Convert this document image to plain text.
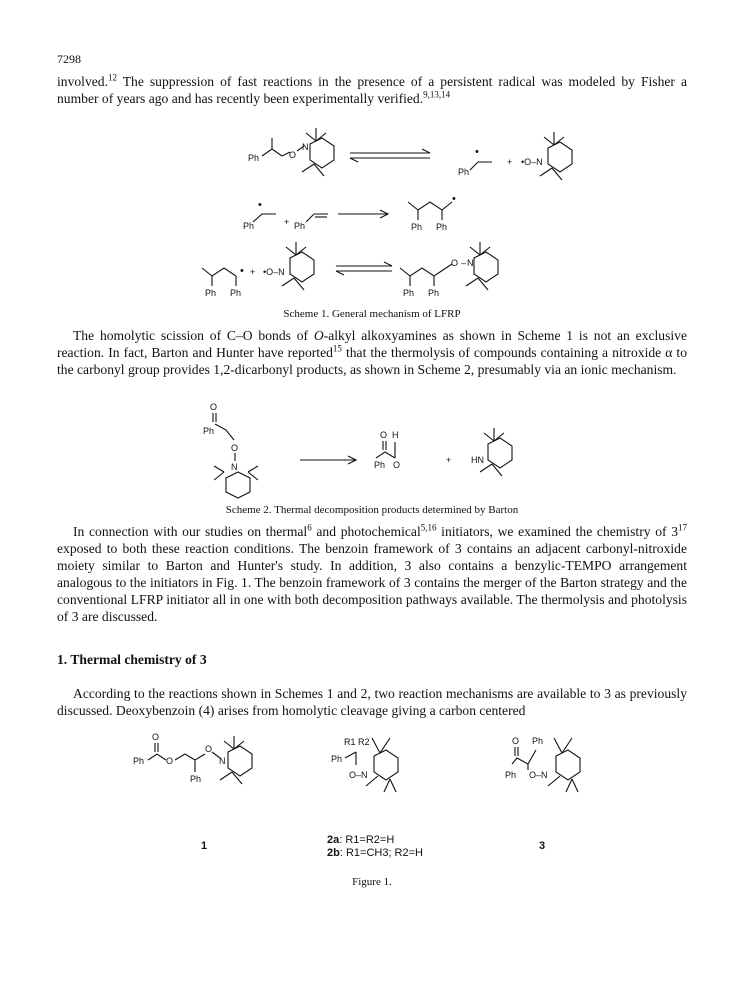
7298

involved.$^{12}$ The suppression of fast reactions in the presence of a persistent radical was modeled by Fisher a number of years ago and has recently been experimentally verified.$^{9,13,14}$

Ph	O
N
Ph
•
+ •O–N
Ph
•
+ Ph	Ph Ph
•
Ph Ph
• + •O–N
Ph Ph
O – N
Scheme 1. General mechanism of LFRP

The homolytic scission of C–O bonds of O-alkyl alkoxyamines as shown in Scheme 1 is not an exclusive reaction. In fact, Barton and Hunter have reported$^{15}$ that the thermolysis of compounds containing a nitroxide α to the carbonyl group provides 1,2-dicarbonyl products, as shown in Scheme 2, presumably via an ionic mechanism.

O
Ph
O
N
O H
Ph O	+ HN
Scheme 2. Thermal decomposition products determined by Barton

In connection with our studies on thermal$^6$ and photochemical$^{5,16}$ initiators, we examined the chemistry of $3^{17}$ exposed to both these reaction conditions. The benzoin framework of 3 contains an adjacent carbonyl-nitroxide moiety similar to Barton and Hunter's study. In addition, 3 also contains a benzylic-TEMPO arrangement analogous to the initiators in Fig. 1. The benzoin framework of 3 contains the merger of the Barton strategy and the conventional LFRP initiator all in one with both decomposition pathways available. The thermolysis and photolysis of 3 are discussed.

1. Thermal chemistry of 3

According to the reactions shown in Schemes 1 and 2, two reaction mechanisms are available to 3 as previously discussed. Deoxybenzoin (4) arises from homolytic cleavage giving a carbon centered

O
Ph O
Ph
O
N
R1 R2
Ph
O–N
O Ph
Ph O–N
1	2a: R1=R2=H
2b: R1=CH3; R2=H
3
Figure 1.
